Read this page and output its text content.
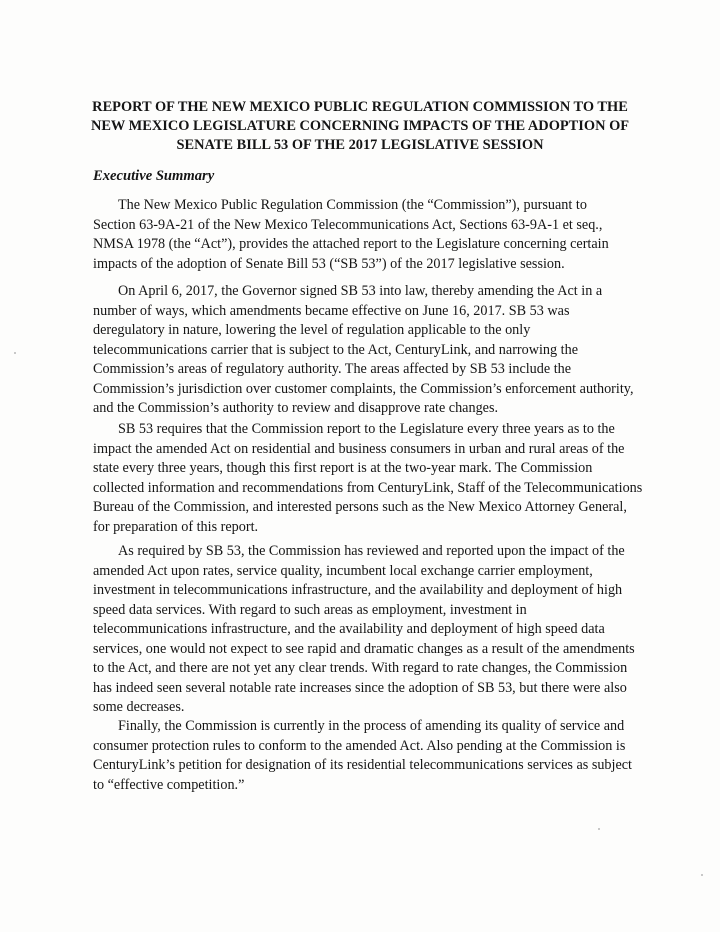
REPORT OF THE NEW MEXICO PUBLIC REGULATION COMMISSION TO THE
NEW MEXICO LEGISLATURE CONCERNING IMPACTS OF THE ADOPTION OF
SENATE BILL 53 OF THE 2017 LEGISLATIVE SESSION
Executive Summary

The New Mexico Public Regulation Commission (the “Commission”), pursuant to
Section 63-9A-21 of the New Mexico Telecommunications Act, Sections 63-9A-1 et seq.,
NMSA 1978 (the “Act”), provides the attached report to the Legislature concerning certain
impacts of the adoption of Senate Bill 53 (“SB 53”) of the 2017 legislative session.

On April 6, 2017, the Governor signed SB 53 into law, thereby amending the Act in a
number of ways, which amendments became effective on June 16, 2017. SB 53 was
deregulatory in nature, lowering the level of regulation applicable to the only
telecommunications carrier that is subject to the Act, CenturyLink, and narrowing the
Commission’s areas of regulatory authority. The areas affected by SB 53 include the
Commission’s jurisdiction over customer complaints, the Commission’s enforcement authority,
and the Commission’s authority to review and disapprove rate changes.

SB 53 requires that the Commission report to the Legislature every three years as to the
impact the amended Act on residential and business consumers in urban and rural areas of the
state every three years, though this first report is at the two-year mark. The Commission
collected information and recommendations from CenturyLink, Staff of the Telecommunications
Bureau of the Commission, and interested persons such as the New Mexico Attorney General,
for preparation of this report.

As required by SB 53, the Commission has reviewed and reported upon the impact of the
amended Act upon rates, service quality, incumbent local exchange carrier employment,
investment in telecommunications infrastructure, and the availability and deployment of high
speed data services. With regard to such areas as employment, investment in
telecommunications infrastructure, and the availability and deployment of high speed data
services, one would not expect to see rapid and dramatic changes as a result of the amendments
to the Act, and there are not yet any clear trends. With regard to rate changes, the Commission
has indeed seen several notable rate increases since the adoption of SB 53, but there were also
some decreases.

Finally, the Commission is currently in the process of amending its quality of service and
consumer protection rules to conform to the amended Act. Also pending at the Commission is
CenturyLink’s petition for designation of its residential telecommunications services as subject
to “effective competition.”
